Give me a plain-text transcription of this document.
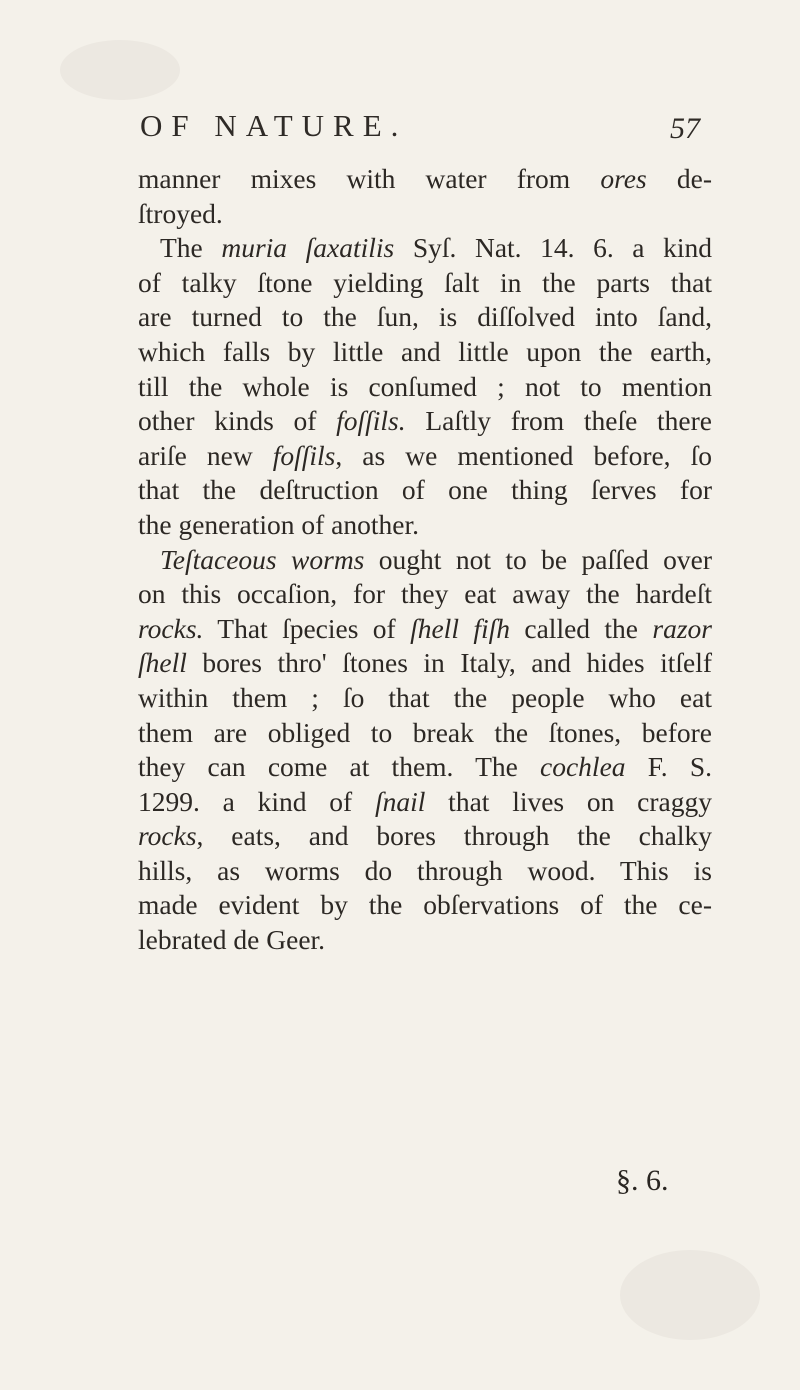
OF NATURE.	57
manner mixes with water from ores de-
ſtroyed.
The muria ſaxatilis Syſ. Nat. 14. 6. a kind
of talky ſtone yielding ſalt in the parts that
are turned to the ſun, is diſſolved into ſand,
which falls by little and little upon the earth,
till the whole is conſumed ; not to mention
other kinds of foſſils. Laſtly from theſe there
ariſe new foſſils, as we mentioned before, ſo
that the deſtruction of one thing ſerves for
the generation of another.
Teſtaceous worms ought not to be paſſed over
on this occaſion, for they eat away the hardeſt
rocks. That ſpecies of ſhell fiſh called the razor
ſhell bores thro' ſtones in Italy, and hides itſelf
within them ; ſo that the people who eat
them are obliged to break the ſtones, before
they can come at them. The cochlea F. S.
1299. a kind of ſnail that lives on craggy
rocks, eats, and bores through the chalky
hills, as worms do through wood. This is
made evident by the obſervations of the ce-
lebrated de Geer.
§. 6.
